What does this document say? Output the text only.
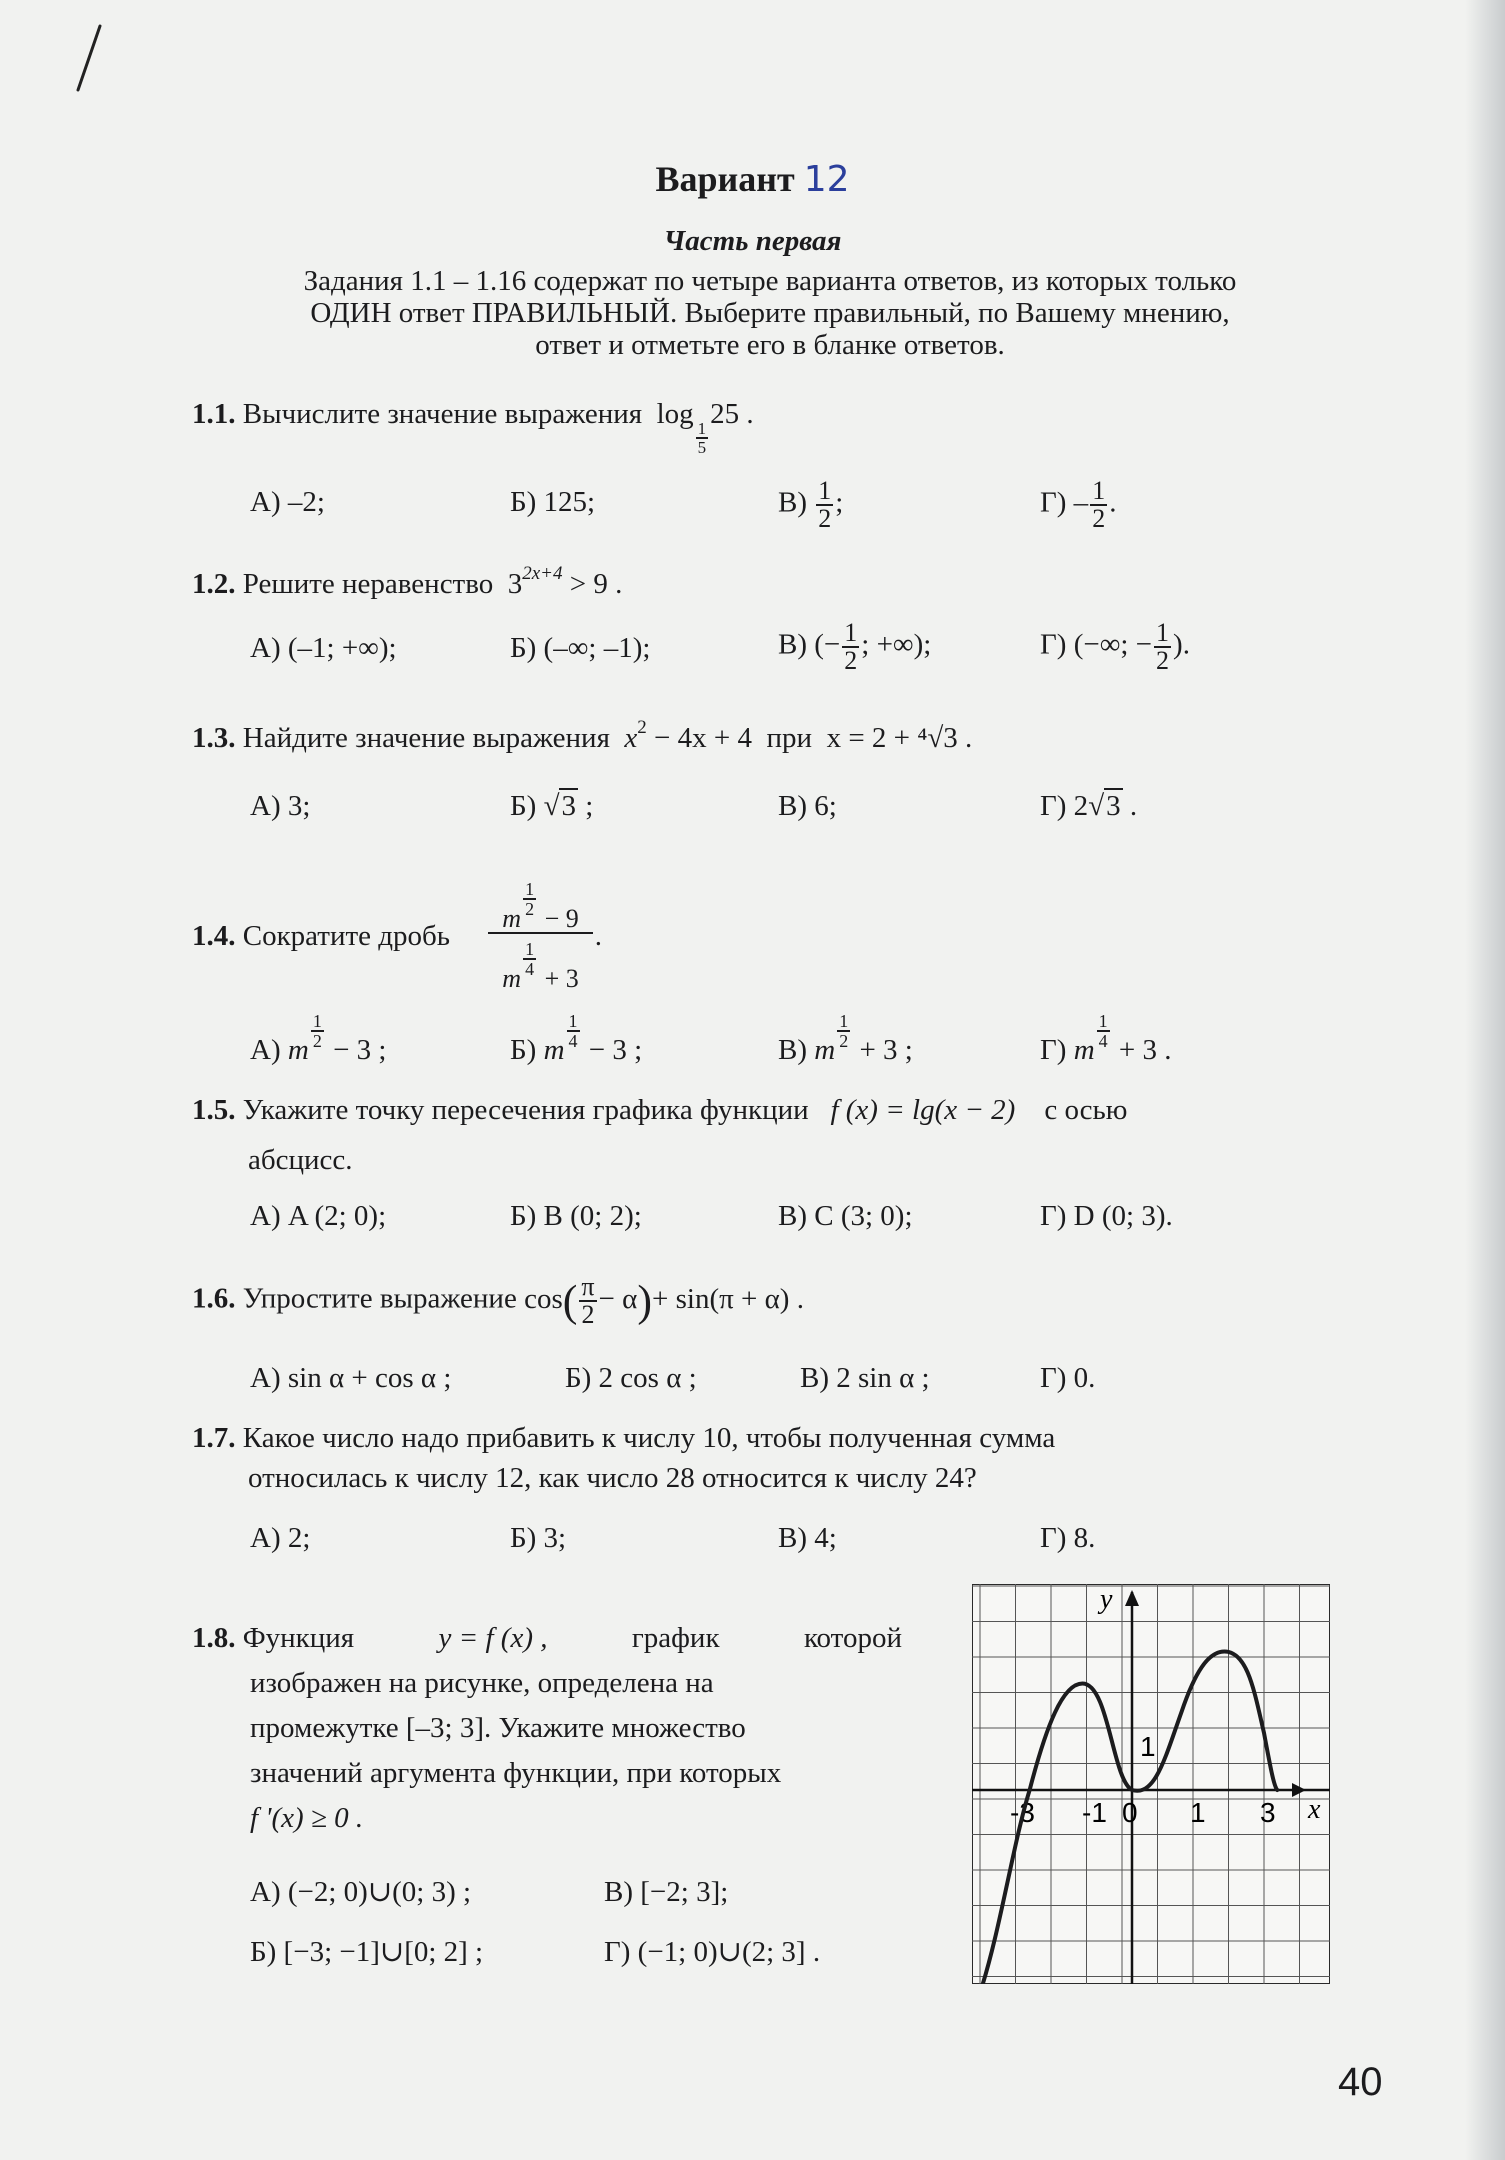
Вариант 12
Часть первая
Задания 1.1 – 1.16 содержат по четыре варианта ответов, из которых только
ОДИН ответ ПРАВИЛЬНЫЙ. Выберите правильный, по Вашему мнению,
ответ и отметьте его в бланке ответов.
1.1. Вычислите значение выражения log
$\frac{1}{5}$
25 .
А) –2;	Б) 125;	$В) \frac{1}{2}$ ;	$Г) - \frac{1}{2}$ .
1.2. Решите неравенство $3^{2x+4} > 9$ .
А) (–1; +∞);	Б) (–∞; –1);	В) (− $\frac{1}{2}$ ; +∞);	Г) (−∞; − $\frac{1}{2}$ ).
1.3. Найдите значение выражения $x^2 - 4x + 4$ при x = 2 + ⁴√3 .
А) 3;	Б) √3 ;	В) 6;	Г) 2√3 .
1.4. Сократите дробь m
$\frac{1}{2}$
− 9
m
$\frac{1}{4}$
+ 3 .
А) m $\frac{1}{2} - 3$ ;	Б) m $\frac{1}{4} - 3$ ;	В) m $\frac{1}{2} + 3$ ;	Г) m $\frac{1}{4} + 3$ .
1.5. Укажите точку пересечения графика функции f (x) = lg(x − 2) с осью
абсцисс.
А) A (2; 0);	Б) B (0; 2);	В) C (3; 0);	Г) D (0; 3).
1.6. Упростите выражение $\cos( \frac{\pi}{2} - \alpha)+ \sin(\pi + \alpha)$ .
А) sin α + cos α ;	Б) 2 cos α ;	В) 2 sin α ;	Г) 0.
1.7. Какое число надо прибавить к числу 10, чтобы полученная сумма
относилась к числу 12, как число 28 относится к числу 24?
А) 2;	Б) 3;	В) 4;	Г) 8.
1.8. Функция	y = f (x) ,	график	которой
изображен на рисунке, определена на
промежутке [–3; 3]. Укажите множество
значений аргумента функции, при которых
f '(x) ≥ 0 .
А) (−2; 0)∪(0; 3) ;	В) [−2; 3];
Б) [−3; −1]∪[0; 2] ;	Г) (−1; 0)∪(2; 3] .
y
x
1
-3 -1 0 1 3
40
